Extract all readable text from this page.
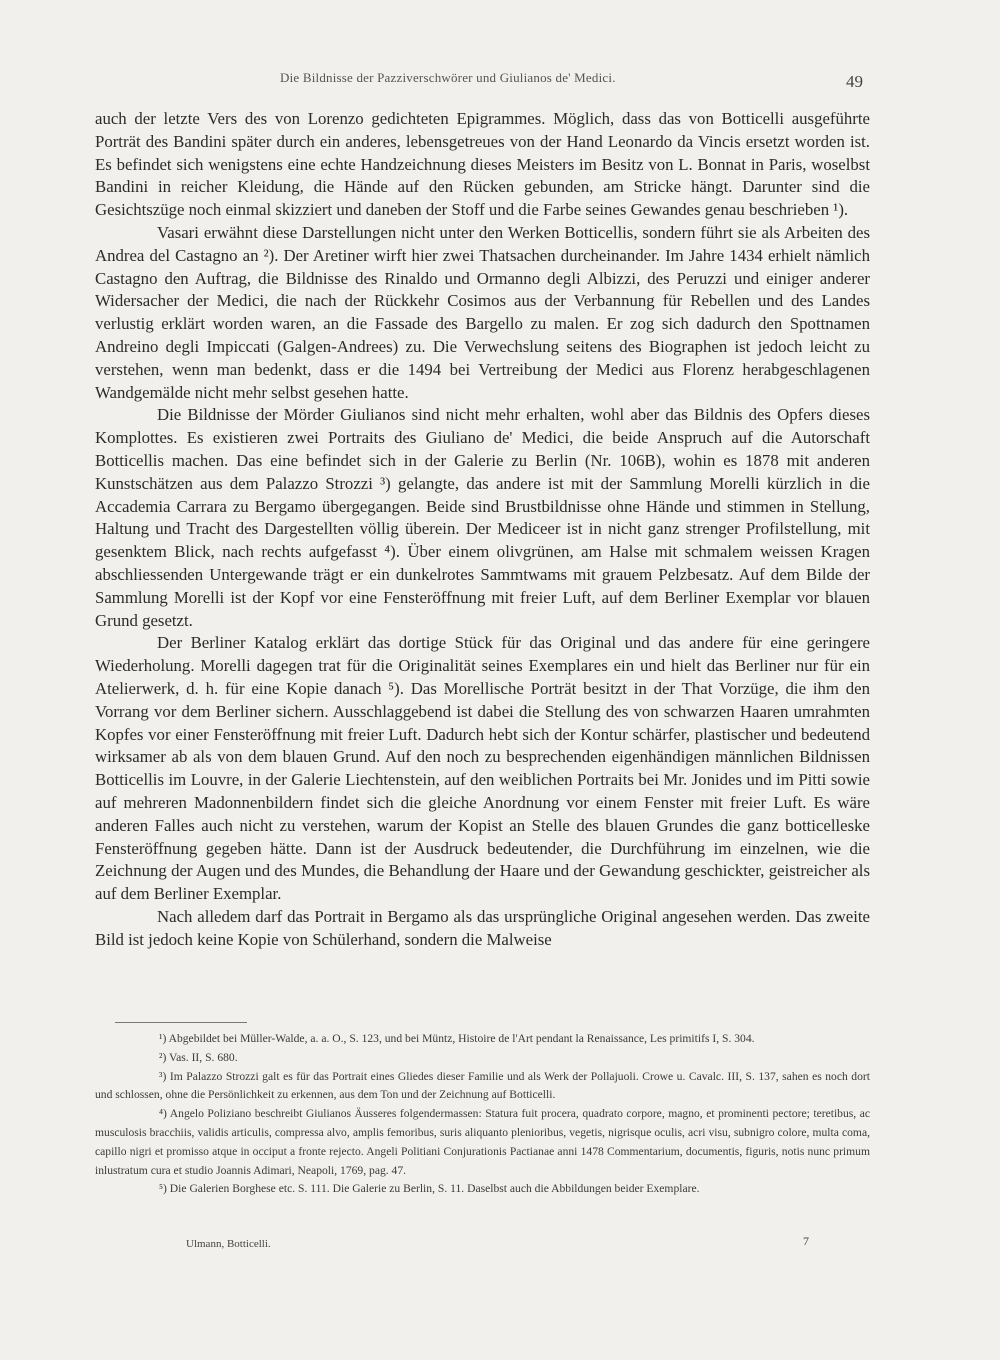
Die Bildnisse der Pazziverschwörer und Giulianos de' Medici.	49

auch der letzte Vers des von Lorenzo gedichteten Epigrammes. Möglich, dass das von Botticelli ausgeführte Porträt des Bandini später durch ein anderes, lebensgetreues von der Hand Leonardo da Vincis ersetzt worden ist. Es befindet sich wenigstens eine echte Handzeichnung dieses Meisters im Besitz von L. Bonnat in Paris, woselbst Bandini in reicher Kleidung, die Hände auf den Rücken gebunden, am Stricke hängt. Darunter sind die Gesichtszüge noch einmal skizziert und daneben der Stoff und die Farbe seines Gewandes genau beschrieben ¹).

Vasari erwähnt diese Darstellungen nicht unter den Werken Botticellis, sondern führt sie als Arbeiten des Andrea del Castagno an ²). Der Aretiner wirft hier zwei Thatsachen durcheinander. Im Jahre 1434 erhielt nämlich Castagno den Auftrag, die Bildnisse des Rinaldo und Ormanno degli Albizzi, des Peruzzi und einiger anderer Widersacher der Medici, die nach der Rückkehr Cosimos aus der Verbannung für Rebellen und des Landes verlustig erklärt worden waren, an die Fassade des Bargello zu malen. Er zog sich dadurch den Spottnamen Andreino degli Impiccati (Galgen-Andrees) zu. Die Verwechslung seitens des Biographen ist jedoch leicht zu verstehen, wenn man bedenkt, dass er die 1494 bei Vertreibung der Medici aus Florenz herabgeschlagenen Wandgemälde nicht mehr selbst gesehen hatte.

Die Bildnisse der Mörder Giulianos sind nicht mehr erhalten, wohl aber das Bildnis des Opfers dieses Komplottes. Es existieren zwei Portraits des Giuliano de' Medici, die beide Anspruch auf die Autorschaft Botticellis machen. Das eine befindet sich in der Galerie zu Berlin (Nr. 106B), wohin es 1878 mit anderen Kunstschätzen aus dem Palazzo Strozzi ³) gelangte, das andere ist mit der Sammlung Morelli kürzlich in die Accademia Carrara zu Bergamo übergegangen. Beide sind Brustbildnisse ohne Hände und stimmen in Stellung, Haltung und Tracht des Dargestellten völlig überein. Der Mediceer ist in nicht ganz strenger Profilstellung, mit gesenktem Blick, nach rechts aufgefasst ⁴). Über einem olivgrünen, am Halse mit schmalem weissen Kragen abschliessenden Untergewande trägt er ein dunkelrotes Sammtwams mit grauem Pelzbesatz. Auf dem Bilde der Sammlung Morelli ist der Kopf vor eine Fensteröffnung mit freier Luft, auf dem Berliner Exemplar vor blauen Grund gesetzt.

Der Berliner Katalog erklärt das dortige Stück für das Original und das andere für eine geringere Wiederholung. Morelli dagegen trat für die Originalität seines Exemplares ein und hielt das Berliner nur für ein Atelierwerk, d. h. für eine Kopie danach ⁵). Das Morellische Porträt besitzt in der That Vorzüge, die ihm den Vorrang vor dem Berliner sichern. Ausschlaggebend ist dabei die Stellung des von schwarzen Haaren umrahmten Kopfes vor einer Fensteröffnung mit freier Luft. Dadurch hebt sich der Kontur schärfer, plastischer und bedeutend wirksamer ab als von dem blauen Grund. Auf den noch zu besprechenden eigenhändigen männlichen Bildnissen Botticellis im Louvre, in der Galerie Liechtenstein, auf den weiblichen Portraits bei Mr. Jonides und im Pitti sowie auf mehreren Madonnenbildern findet sich die gleiche Anordnung vor einem Fenster mit freier Luft. Es wäre anderen Falles auch nicht zu verstehen, warum der Kopist an Stelle des blauen Grundes die ganz botticelleske Fensteröffnung gegeben hätte. Dann ist der Ausdruck bedeutender, die Durchführung im einzelnen, wie die Zeichnung der Augen und des Mundes, die Behandlung der Haare und der Gewandung geschickter, geistreicher als auf dem Berliner Exemplar.

Nach alledem darf das Portrait in Bergamo als das ursprüngliche Original angesehen werden. Das zweite Bild ist jedoch keine Kopie von Schülerhand, sondern die Malweise

¹) Abgebildet bei Müller-Walde, a. a. O., S. 123, und bei Müntz, Histoire de l'Art pendant la Renaissance, Les primitifs I, S. 304.

²) Vas. II, S. 680.

³) Im Palazzo Strozzi galt es für das Portrait eines Gliedes dieser Familie und als Werk der Pollajuoli. Crowe u. Cavalc. III, S. 137, sahen es noch dort und schlossen, ohne die Persönlichkeit zu erkennen, aus dem Ton und der Zeichnung auf Botticelli.

⁴) Angelo Poliziano beschreibt Giulianos Äusseres folgendermassen: Statura fuit procera, quadrato corpore, magno, et prominenti pectore; teretibus, ac musculosis bracchiis, validis articulis, compressa alvo, amplis femoribus, suris aliquanto plenioribus, vegetis, nigrisque oculis, acri visu, subnigro colore, multa coma, capillo nigri et promisso atque in occiput a fronte rejecto. Angeli Politiani Conjurationis Pactianae anni 1478 Commentarium, documentis, figuris, notis nunc primum inlustratum cura et studio Joannis Adimari, Neapoli, 1769, pag. 47.

⁵) Die Galerien Borghese etc. S. 111. Die Galerie zu Berlin, S. 11. Daselbst auch die Abbildungen beider Exemplare.

Ulmann, Botticelli.	7
